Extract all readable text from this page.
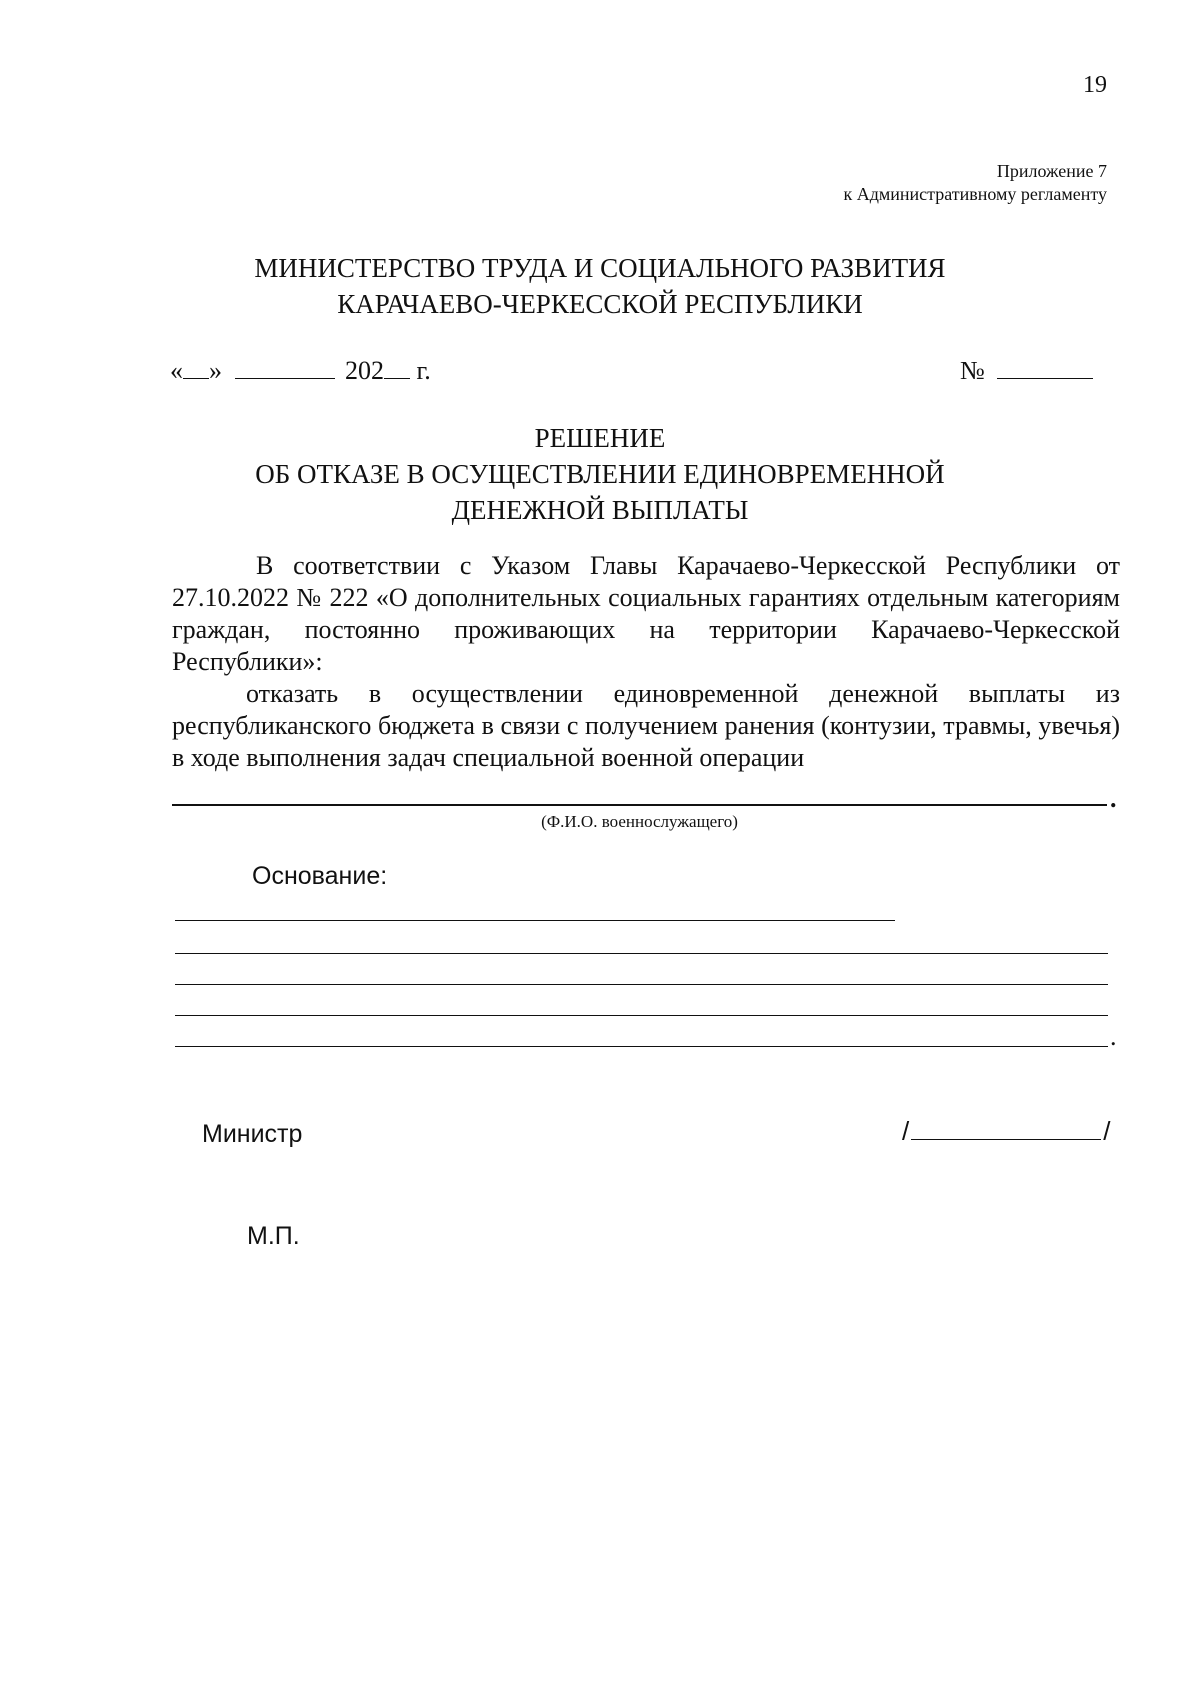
19
Приложение 7
к Административному регламенту
МИНИСТЕРСТВО ТРУДА И СОЦИАЛЬНОГО РАЗВИТИЯ
КАРАЧАЕВО-ЧЕРКЕССКОЙ РЕСПУБЛИКИ
« »	202 г.	№
РЕШЕНИЕ
ОБ ОТКАЗЕ В ОСУЩЕСТВЛЕНИИ ЕДИНОВРЕМЕННОЙ
ДЕНЕЖНОЙ ВЫПЛАТЫ

В соответствии с Указом Главы Карачаево-Черкесской Республики от 27.10.2022 № 222 «О дополнительных социальных гарантиях отдельным категориям граждан, постоянно проживающих на территории Карачаево-Черкесской Республики»:

отказать в осуществлении единовременной денежной выплаты из республиканского бюджета в связи с получением ранения (контузии, травмы, увечья) в ходе выполнения задач специальной военной операции

.
(Ф.И.О. военнослужащего)
Основание:
.
Министр	/	/
М.П.
